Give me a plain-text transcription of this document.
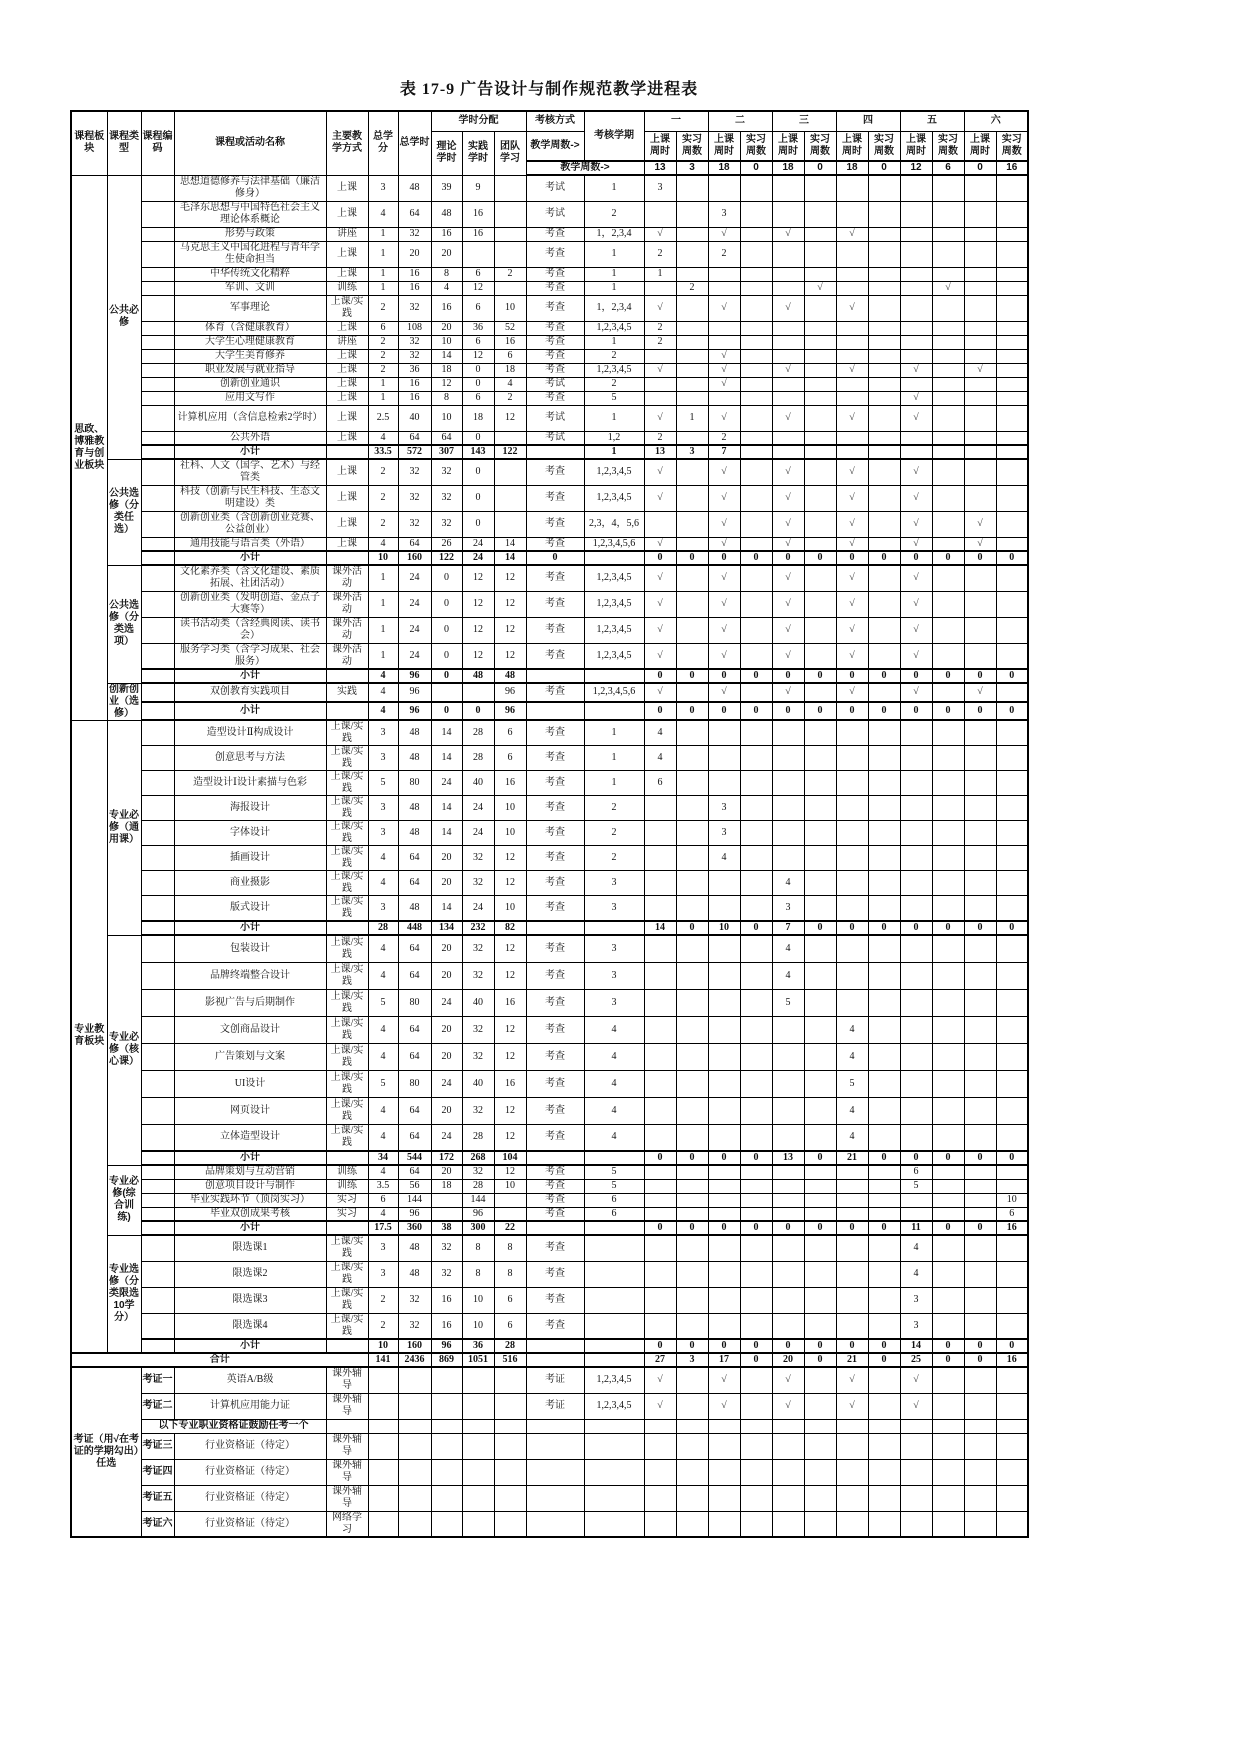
表 17-9 广告设计与制作规范教学进程表
课程板块	课程类型	课程编码	课程或活动名称	主要教学方式	总学分	总学时	学时分配			考核方式	考核学期	一		二		三		四		五		六	
							理论学时	实践学时	团队学习	教学周数->		上课周时	实习周数	上课周时	实习周数	上课周时	实习周数	上课周时	实习周数	上课周时	实习周数	上课周时	实习周数
										教学周数->		13	3	18	0	18	0	18	0	12	6	0	16
思政、博雅教育与创业板块	公共必修		思想道德修养与法律基础（廉洁修身）	上课	3	48	39	9		考试	1	3											
			毛泽东思想与中国特色社会主义理论体系概论	上课	4	64	48	16		考试	2			3									
			形势与政策	讲座	1	32	16	16		考查	1，2,3,4	√		√		√		√					
			马克思主义中国化进程与青年学生使命担当	上课	1	20	20			考查	1	2		2									
			中华传统文化精粹	上课	1	16	8	6	2	考查	1	1											
			军训、文训	训练	1	16	4	12		考查	1		2				√				√		
			军事理论	上课/实践	2	32	16	6	10	考查	1，2,3,4	√		√		√		√					
			体育（含健康教育）	上课	6	108	20	36	52	考查	1,2,3,4,5	2											
			大学生心理健康教育	讲座	2	32	10	6	16	考查	1	2											
			大学生美育修养	上课	2	32	14	12	6	考查	2			√									
			职业发展与就业指导	上课	2	36	18	0	18	考查	1,2,3,4,5	√		√		√		√		√		√	
			创新创业通识	上课	1	16	12	0	4	考试	2			√									
			应用文写作	上课	1	16	8	6	2	考查	5									√			
			计算机应用（含信息检索2学时）	上课	2.5	40	10	18	12	考试	1	√	1	√		√		√		√			
			公共外语	上课	4	64	64	0		考试	1,2	2		2									
			小计		33.5	572	307	143	122		1	13	3	7									
	公共选修（分类任选）		社科、人文（国学、艺术）与经管类	上课	2	32	32	0		考查	1,2,3,4,5	√		√		√		√		√			
			科技（创新与民生科技、生态文明建设）类	上课	2	32	32	0		考查	1,2,3,4,5	√		√		√		√		√			
			创新创业类（含创新创业竞赛、公益创业）	上课	2	32	32	0		考查	2,3，4，5,6			√		√		√		√		√	
			通用技能与语言类（外语）	上课	4	64	26	24	14	考查	1,2,3,4,5,6	√		√		√		√		√		√	
			小计		10	160	122	24	14	0		0	0	0	0	0	0	0	0	0	0	0	0
	公共选修（分类选项）		文化素养类（含文化建设、素质拓展、社团活动）	课外活动	1	24	0	12	12	考查	1,2,3,4,5	√		√		√		√		√			
			创新创业类（发明创造、金点子大赛等）	课外活动	1	24	0	12	12	考查	1,2,3,4,5	√		√		√		√		√			
			读书活动类（含经典阅读、读书会）	课外活动	1	24	0	12	12	考查	1,2,3,4,5	√		√		√		√		√			
			服务学习类（含学习成果、社会服务）	课外活动	1	24	0	12	12	考查	1,2,3,4,5	√		√		√		√		√			
			小计		4	96	0	48	48			0	0	0	0	0	0	0	0	0	0	0	0
	创新创业（选修）		双创教育实践项目	实践	4	96			96	考查	1,2,3,4,5,6	√		√		√		√		√		√	
			小计		4	96	0	0	96			0	0	0	0	0	0	0	0	0	0	0	0
专业教育板块	专业必修（通用课）		造型设计Ⅱ构成设计	上课/实践	3	48	14	28	6	考查	1	4											
			创意思考与方法	上课/实践	3	48	14	28	6	考查	1	4											
			造型设计Ⅰ设计素描与色彩	上课/实践	5	80	24	40	16	考查	1	6											
			海报设计	上课/实践	3	48	14	24	10	考查	2			3									
			字体设计	上课/实践	3	48	14	24	10	考查	2			3									
			插画设计	上课/实践	4	64	20	32	12	考查	2			4									
			商业摄影	上课/实践	4	64	20	32	12	考查	3					4							
			版式设计	上课/实践	3	48	14	24	10	考查	3					3							
			小计		28	448	134	232	82			14	0	10	0	7	0	0	0	0	0	0	0
	专业必修（核心课）		包装设计	上课/实践	4	64	20	32	12	考查	3					4							
			品牌终端整合设计	上课/实践	4	64	20	32	12	考查	3					4							
			影视广告与后期制作	上课/实践	5	80	24	40	16	考查	3					5							
			文创商品设计	上课/实践	4	64	20	32	12	考查	4							4					
			广告策划与文案	上课/实践	4	64	20	32	12	考查	4							4					
			UI设计	上课/实践	5	80	24	40	16	考查	4							5					
			网页设计	上课/实践	4	64	20	32	12	考查	4							4					
			立体造型设计	上课/实践	4	64	24	28	12	考查	4							4					
			小计		34	544	172	268	104			0	0	0	0	13	0	21	0	0	0	0	0
	专业必修(综合训练)		品牌策划与互动营销	训练	4	64	20	32	12	考查	5									6			
			创意项目设计与制作	训练	3.5	56	18	28	10	考查	5									5			
			毕业实践环节（顶岗实习）	实习	6	144		144		考查	6												10
			毕业双创成果考核	实习	4	96		96		考查	6												6
			小计		17.5	360	38	300	22			0	0	0	0	0	0	0	0	11	0	0	16
	专业选修（分类限选10学分）		限选课1	上课/实践	3	48	32	8	8	考查										4			
			限选课2	上课/实践	3	48	32	8	8	考查										4			
			限选课3	上课/实践	2	32	16	10	6	考查										3			
			限选课4	上课/实践	2	32	16	10	6	考查										3			
			小计		10	160	96	36	28			0	0	0	0	0	0	0	0	14	0	0	0
合计					141	2436	869	1051	516			27	3	17	0	20	0	21	0	25	0	0	16
考证（用√在考证的学期勾出）任选		考证一	英语A/B级	课外辅导						考证	1,2,3,4,5	√		√		√		√		√			
		考证二	计算机应用能力证	课外辅导						考证	1,2,3,4,5	√		√		√		√		√			
		以下专业职业资格证鼓励任考一个																					
		考证三	行业资格证（待定）	课外辅导																			
		考证四	行业资格证（待定）	课外辅导																			
		考证五	行业资格证（待定）	课外辅导																			
		考证六	行业资格证（待定）	网络学习																			
